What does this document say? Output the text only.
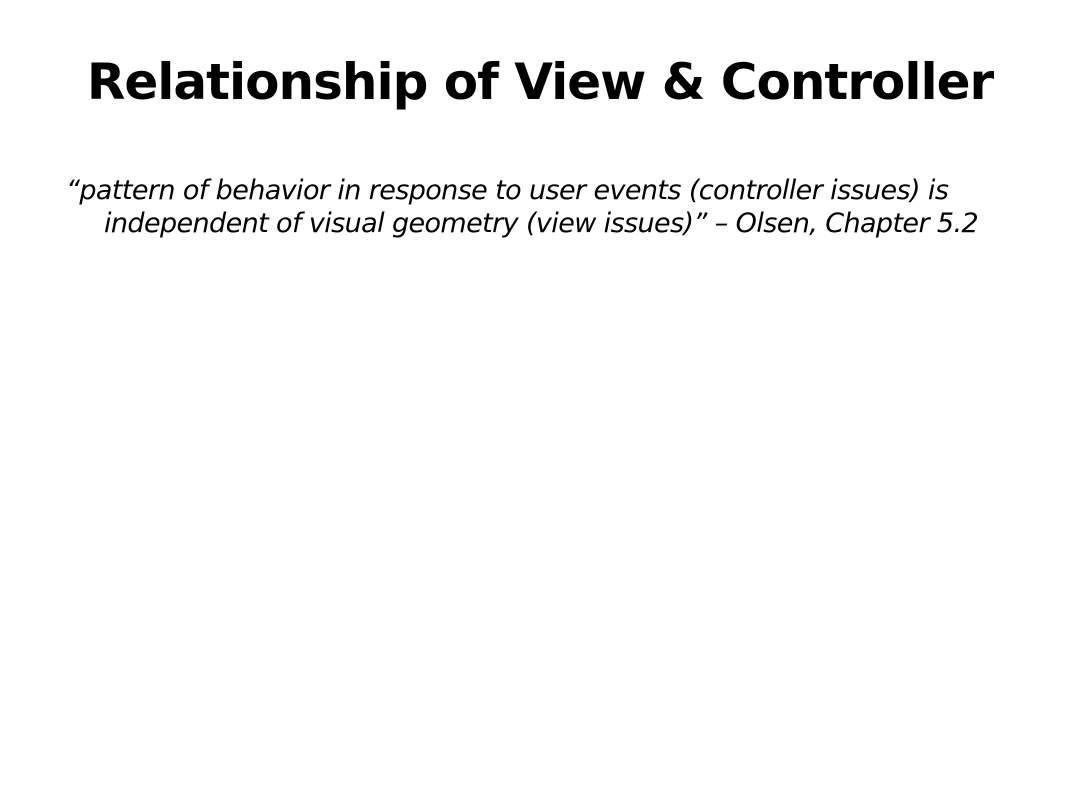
Relationship of View & Controller

“pattern of behavior in response to user events (controller issues) is independent of visual geometry (view issues)” – Olsen, Chapter 5.2
